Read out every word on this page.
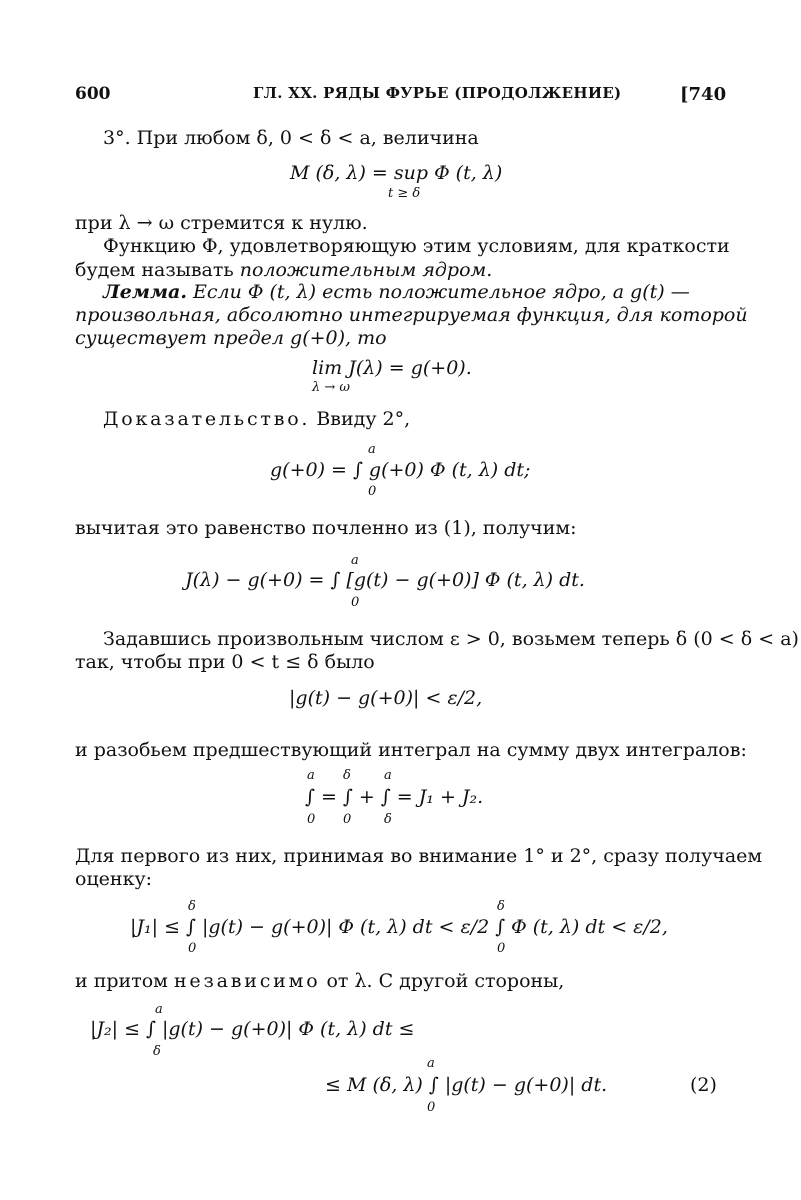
600	ГЛ. XX. РЯДЫ ФУРЬЕ (ПРОДОЛЖЕНИЕ)	[740
3°. При любом δ, 0 < δ < a, величина
M (δ, λ) = sup Φ (t, λ)
t ≥ δ
при λ → ω стремится к нулю.
Функцию Φ, удовлетворяющую этим условиям, для краткости
будем называть положительным ядром.
Лемма. Если Φ (t, λ) есть положительное ядро, а g(t) —
произвольная, абсолютно интегрируемая функция, для которой
существует предел g(+0), то
lim J(λ) = g(+0).
λ → ω
Доказательство. Ввиду 2°,
a
g(+0) = ∫ g(+0) Φ (t, λ) dt;
0
вычитая это равенство почленно из (1), получим:
a
J(λ) − g(+0) = ∫ [g(t) − g(+0)] Φ (t, λ) dt.
0
Задавшись произвольным числом ε > 0, возьмем теперь δ (0 < δ < a)
так, чтобы при 0 < t ≤ δ было
|g(t) − g(+0)| < ε/2,
и разобьем предшествующий интеграл на сумму двух интегралов:
a δ	a
∫ = ∫ + ∫ = J₁ + J₂.
0 0	δ
Для первого из них, принимая во внимание 1° и 2°, сразу получаем
оценку:
δ	δ
|J₁| ≤ ∫ |g(t) − g(+0)| Φ (t, λ) dt < ε/2 ∫ Φ (t, λ) dt < ε/2,
0	0
и притом независимо от λ. С другой стороны,
a
|J₂| ≤ ∫ |g(t) − g(+0)| Φ (t, λ) dt ≤
δ
a
≤ M (δ, λ) ∫ |g(t) − g(+0)| dt.
0
(2)
